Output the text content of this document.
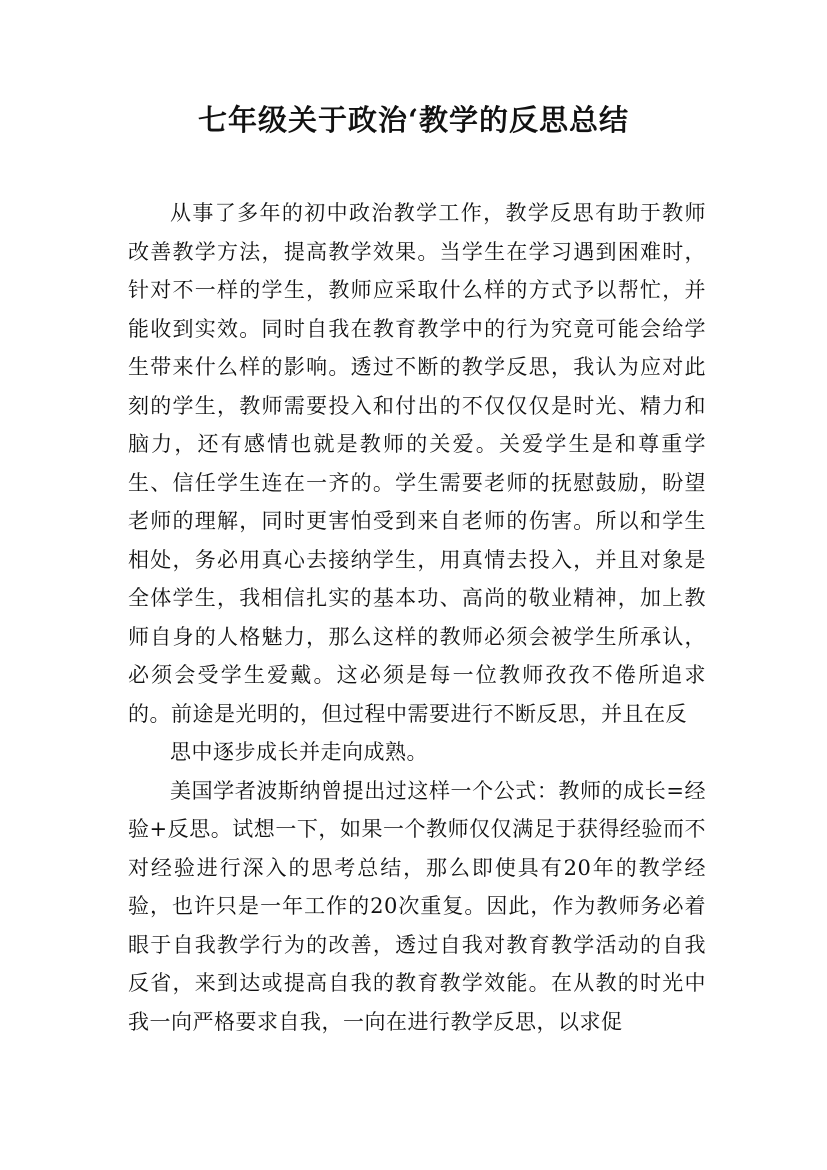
七年级关于政治‘教学的反思总结

从事了多年的初中政治教学工作，教学反思有助于教师改善教学方法，提高教学效果。当学生在学习遇到困难时，针对不一样的学生，教师应采取什么样的方式予以帮忙，并能收到实效。同时自我在教育教学中的行为究竟可能会给学生带来什么样的影响。透过不断的教学反思，我认为应对此刻的学生，教师需要投入和付出的不仅仅仅是时光、精力和脑力，还有感情也就是教师的关爱。关爱学生是和尊重学生、信任学生连在一齐的。学生需要老师的抚慰鼓励，盼望老师的理解，同时更害怕受到来自老师的伤害。所以和学生相处，务必用真心去接纳学生，用真情去投入，并且对象是全体学生，我相信扎实的基本功、高尚的敬业精神，加上教师自身的人格魅力，那么这样的教师必须会被学生所承认，必须会受学生爱戴。这必须是每一位教师孜孜不倦所追求的。前途是光明的，但过程中需要进行不断反思，并且在反

思中逐步成长并走向成熟。

美国学者波斯纳曾提出过这样一个公式：教师的成长=经验+反思。试想一下，如果一个教师仅仅满足于获得经验而不对经验进行深入的思考总结，那么即使具有20年的教学经验，也许只是一年工作的20次重复。因此，作为教师务必着眼于自我教学行为的改善，透过自我对教育教学活动的自我反省，来到达或提高自我的教育教学效能。在从教的时光中我一向严格要求自我，一向在进行教学反思，以求促
